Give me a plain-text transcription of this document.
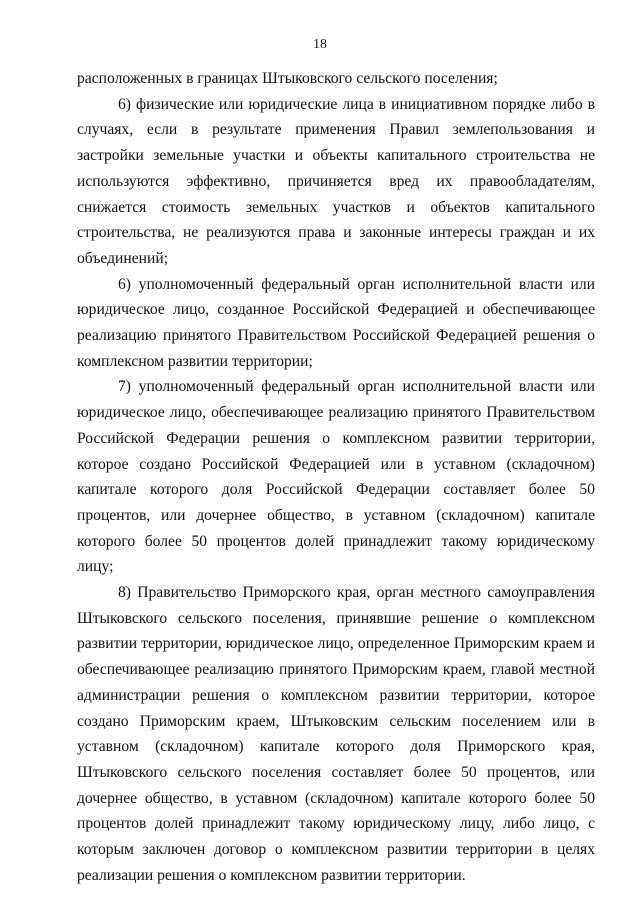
18

расположенных в границах Штыковского сельского поселения;

6) физические или юридические лица в инициативном порядке либо в случаях, если в результате применения Правил землепользования и застройки земельные участки и объекты капитального строительства не используются эффективно, причиняется вред их правообладателям, снижается стоимость земельных участков и объектов капитального строительства, не реализуются права и законные интересы граждан и их объединений;

6) уполномоченный федеральный орган исполнительной власти или юридическое лицо, созданное Российской Федерацией и обеспечивающее реализацию принятого Правительством Российской Федерацией решения о комплексном развитии территории;

7) уполномоченный федеральный орган исполнительной власти или юридическое лицо, обеспечивающее реализацию принятого Правительством Российской Федерации решения о комплексном развитии территории, которое создано Российской Федерацией или в уставном (складочном) капитале которого доля Российской Федерации составляет более 50 процентов, или дочернее общество, в уставном (складочном) капитале которого более 50 процентов долей принадлежит такому юридическому лицу;

8) Правительство Приморского края, орган местного самоуправления Штыковского сельского поселения, принявшие решение о комплексном развитии территории, юридическое лицо, определенное Приморским краем и обеспечивающее реализацию принятого Приморским краем, главой местной администрации решения о комплексном развитии территории, которое создано Приморским краем, Штыковским сельским поселением или в уставном (складочном) капитале которого доля Приморского края, Штыковского сельского поселения составляет более 50 процентов, или дочернее общество, в уставном (складочном) капитале которого более 50 процентов долей принадлежит такому юридическому лицу, либо лицо, с которым заключен договор о комплексном развитии территории в целях реализации решения о комплексном развитии территории.
